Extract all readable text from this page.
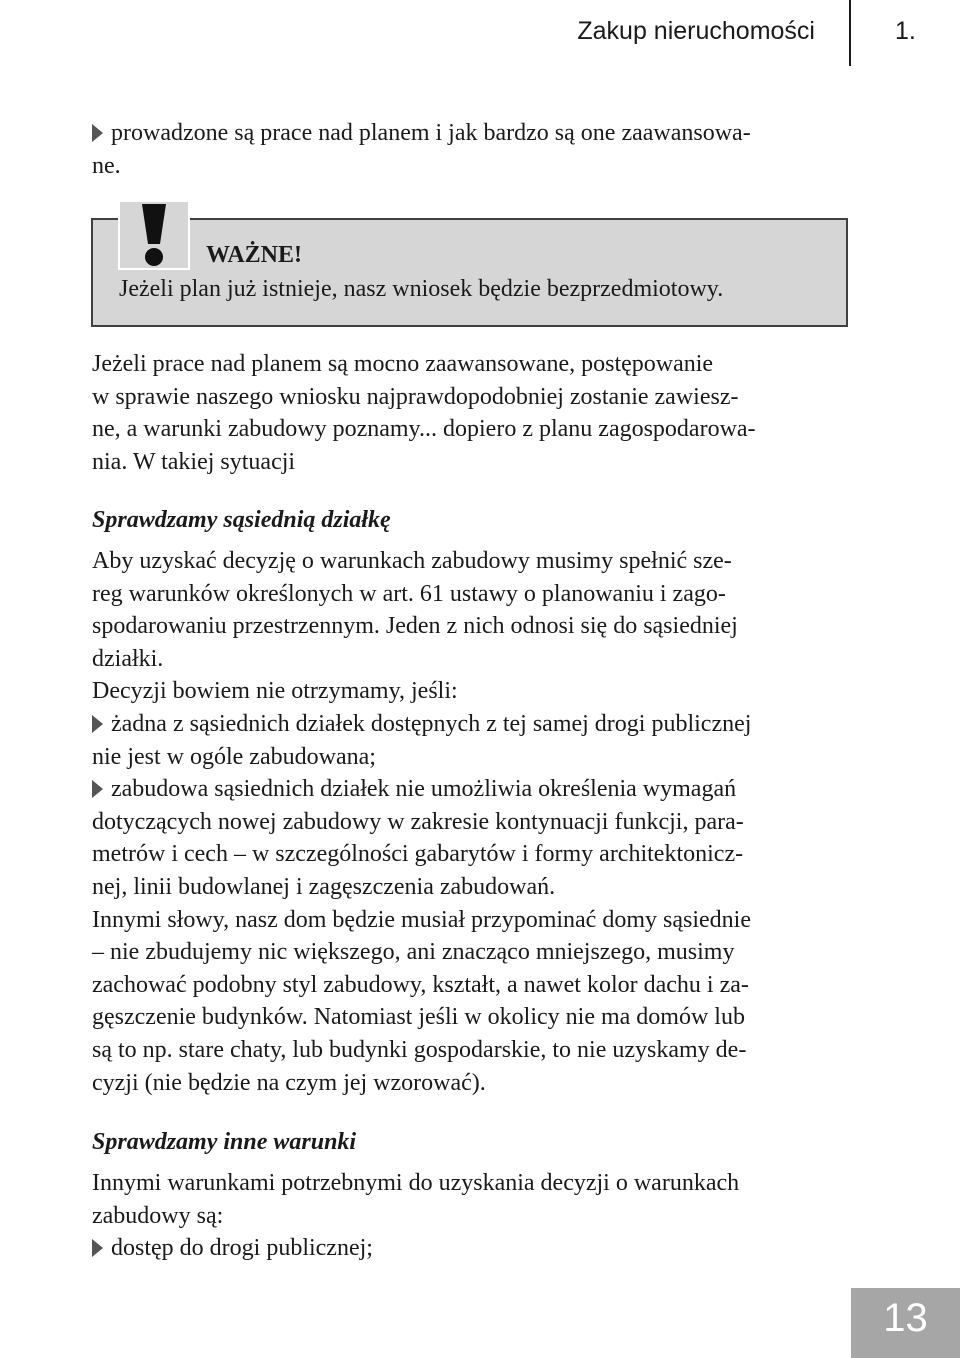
Zakup nieruchomości	1.

prowadzone są prace nad planem i jak bardzo są one zaawansowa-

ne.

WAŻNE!
Jeżeli plan już istnieje, nasz wniosek będzie bezprzedmiotowy.

Jeżeli prace nad planem są mocno zaawansowane, postępowanie

w sprawie naszego wniosku najprawdopodobniej zostanie zawiesz-

ne, a warunki zabudowy poznamy... dopiero z planu zagospodarowa-

nia. W takiej sytuacji

Sprawdzamy sąsiednią działkę

Aby uzyskać decyzję o warunkach zabudowy musimy spełnić sze-

reg warunków określonych w art. 61 ustawy o planowaniu i zago-

spodarowaniu przestrzennym. Jeden z nich odnosi się do sąsiedniej

działki.

Decyzji bowiem nie otrzymamy, jeśli:

żadna z sąsiednich działek dostępnych z tej samej drogi publicznej

nie jest w ogóle zabudowana;

zabudowa sąsiednich działek nie umożliwia określenia wymagań

dotyczących nowej zabudowy w zakresie kontynuacji funkcji, para-

metrów i cech – w szczególności gabarytów i formy architektonicz-

nej, linii budowlanej i zagęszczenia zabudowań.

Innymi słowy, nasz dom będzie musiał przypominać domy sąsiednie

– nie zbudujemy nic większego, ani znacząco mniejszego, musimy

zachować podobny styl zabudowy, kształt, a nawet kolor dachu i za-

gęszczenie budynków. Natomiast jeśli w okolicy nie ma domów lub

są to np. stare chaty, lub budynki gospodarskie, to nie uzyskamy de-

cyzji (nie będzie na czym jej wzorować).

Sprawdzamy inne warunki

Innymi warunkami potrzebnymi do uzyskania decyzji o warunkach

zabudowy są:

dostęp do drogi publicznej;

13
